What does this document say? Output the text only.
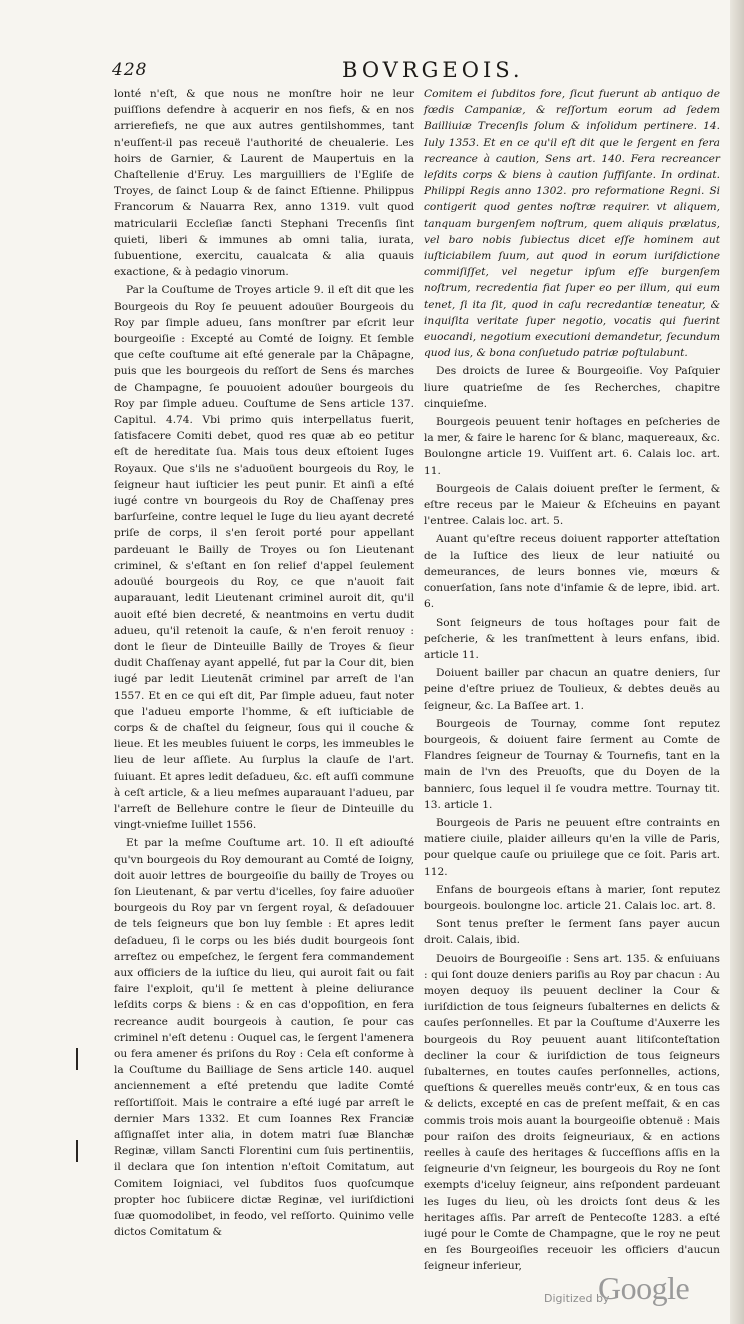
428	BOVRGEOIS.

lonté n'eſt, & que nous ne monſtre hoir ne leur puiſſions defendre à acquerir en nos fiefs, & en nos arrierefiefs, ne que aux autres gentilshommes, tant n'euſſent-il pas receuë l'authorité de cheualerie. Les hoirs de Garnier, & Laurent de Maupertuis en la Chaſtellenie d'Eruy. Les marguilliers de l'Egliſe de Troyes, de ſainct Loup & de ſainct Eſtienne. Philippus Francorum & Nauarra Rex, anno 1319. vult quod matricularii Eccleſiæ ſancti Stephani Trecenſis ſint quieti, liberi & immunes ab omni talia, iurata, ſubuentione, exercitu, caualcata & alia quauis exactione, & à pedagio vinorum.

Par la Couſtume de Troyes article 9. il eſt dit que les Bourgeois du Roy ſe peuuent adouüer Bourgeois du Roy par ſimple adueu, ſans monſtrer par eſcrit leur bourgeoiſie : Excepté au Comté de Ioigny. Et ſemble que ceſte couſtume ait eſté generale par la Chãpagne, puis que les bourgeois du reſſort de Sens és marches de Champagne, ſe pouuoient adouüer bourgeois du Roy par ſimple adueu. Couſtume de Sens article 137. Capitul. 4.74. Vbi primo quis interpellatus fuerit, ſatisfacere Comiti debet, quod res quæ ab eo petitur eſt de hereditate ſua. Mais tous deux eſtoient Iuges Royaux. Que s'ils ne s'aduoüent bourgeois du Roy, le ſeigneur haut iuſticier les peut punir. Et ainſi a eſté iugé contre vn bourgeois du Roy de Chaſſenay pres barſurſeine, contre lequel le Iuge du lieu ayant decreté priſe de corps, il s'en ſeroit porté pour appellant pardeuant le Bailly de Troyes ou ſon Lieutenant criminel, & s'eſtant en ſon relief d'appel ſeulement adouüé bourgeois du Roy, ce que n'auoit fait auparauant, ledit Lieutenant criminel auroit dit, qu'il auoit eſté bien decreté, & neantmoins en vertu dudit adueu, qu'il retenoit la cauſe, & n'en feroit renuoy : dont le ſieur de Dinteuille Bailly de Troyes & ſieur dudit Chaſſenay ayant appellé, fut par la Cour dit, bien iugé par ledit Lieutenãt criminel par arreſt de l'an 1557. Et en ce qui eſt dit, Par ſimple adueu, faut noter que l'adueu emporte l'homme, & eſt iuſticiable de corps & de chaſtel du ſeigneur, ſous qui il couche & lieue. Et les meubles ſuiuent le corps, les immeubles le lieu de leur aſſiete. Au ſurplus la clauſe de l'art. ſuiuant. Et apres ledit deſadueu, &c. eſt auſſi commune à ceſt article, & a lieu meſmes auparauant l'adueu, par l'arreſt de Bellehure contre le ſieur de Dinteuille du vingt-vnieſme Iuillet 1556.

Et par la meſme Couſtume art. 10. Il eſt adiouſté qu'vn bourgeois du Roy demourant au Comté de Ioigny, doit auoir lettres de bourgeoiſie du bailly de Troyes ou ſon Lieutenant, & par vertu d'icelles, ſoy faire aduoüer bourgeois du Roy par vn ſergent royal, & deſadouuer de tels ſeigneurs que bon luy ſemble : Et apres ledit deſadueu, ſi le corps ou les biés dudit bourgeois ſont arreſtez ou empeſchez, le ſergent fera commandement aux officiers de la iuſtice du lieu, qui auroit fait ou fait faire l'exploit, qu'il ſe mettent à pleine deliurance leſdits corps & biens : & en cas d'oppoſition, en fera recreance audit bourgeois à caution, ſe pour cas criminel n'eſt detenu : Ouquel cas, le ſergent l'amenera ou fera amener és priſons du Roy : Cela eſt conforme à la Couſtume du Bailliage de Sens article 140. auquel anciennement a eſté pretendu que ladite Comté reſſortiſſoit. Mais le contraire a eſté iugé par arreſt le dernier Mars 1332. Et cum Ioannes Rex Franciæ aſſignaſſet inter alia, in dotem matri ſuæ Blanchæ Reginæ, villam Sancti Florentini cum ſuis pertinentiis, il declara que ſon intention n'eſtoit Comitatum, aut Comitem Ioigniaci, vel ſubditos ſuos quoſcumque propter hoc ſubiicere dictæ Reginæ, vel iuriſdictioni ſuæ quomodolibet, in feodo, vel reſſorto. Quinimo velle dictos Comitatum &

Comitem ei ſubditos fore, ſicut fuerunt ab antiquo de fœdis Campaniæ, & reſſortum eorum ad ſedem Bailliuiæ Trecenſis ſolum & inſolidum pertinere. 14. Iuly 1353. Et en ce qu'il eſt dit que le ſergent en fera recreance à caution, Sens art. 140. Fera recreancer leſdits corps & biens à caution ſuffiſante. In ordinat. Philippi Regis anno 1302. pro reformatione Regni. Si contigerit quod gentes noſtræ requirer. vt aliquem, tanquam burgenſem noſtrum, quem aliquis prælatus, vel baro nobis ſubiectus dicet eſſe hominem aut iuſticiabilem ſuum, aut quod in eorum iuriſdictione commiſiſſet, vel negetur ipſum eſſe burgenſem noſtrum, recredentia fiat ſuper eo per illum, qui eum tenet, ſi ita ſit, quod in caſu recredantiæ teneatur, & inquiſita veritate ſuper negotio, vocatis qui fuerint euocandi, negotium executioni demandetur, ſecundum quod ius, & bona conſuetudo patriæ poſtulabunt.

Des droicts de Iuree & Bourgeoiſie. Voy Paſquier liure quatrieſme de ſes Recherches, chapitre cinquieſme.

Bourgeois peuuent tenir hoſtages en peſcheries de la mer, & faire le harenc ſor & blanc, maquereaux, &c. Boulongne article 19. Vuiſſent art. 6. Calais loc. art. 11.

Bourgeois de Calais doiuent preſter le ſerment, & eſtre receus par le Maieur & Eſcheuins en payant l'entree. Calais loc. art. 5.

Auant qu'eſtre receus doiuent rapporter atteſtation de la Iuſtice des lieux de leur natiuité ou demeurances, de leurs bonnes vie, mœurs & conuerſation, ſans note d'infamie & de lepre, ibid. art. 6.

Sont ſeigneurs de tous hoſtages pour fait de peſcherie, & les tranſmettent à leurs enfans, ibid. article 11.

Doiuent bailler par chacun an quatre deniers, ſur peine d'eſtre priuez de Toulieux, & debtes deuës au ſeigneur, &c. La Baſſee art. 1.

Bourgeois de Tournay, comme ſont reputez bourgeois, & doiuent faire ſerment au Comte de Flandres ſeigneur de Tournay & Tournefis, tant en la main de l'vn des Preuoſts, que du Doyen de la bannierc, ſous lequel il ſe voudra mettre. Tournay tit. 13. article 1.

Bourgeois de Paris ne peuuent eſtre contraints en matiere ciuile, plaider ailleurs qu'en la ville de Paris, pour quelque cauſe ou priuilege que ce ſoit. Paris art. 112.

Enfans de bourgeois eſtans à marier, ſont reputez bourgeois. boulongne loc. article 21. Calais loc. art. 8.

Sont tenus preſter le ſerment ſans payer aucun droit. Calais, ibid.

Deuoirs de Bourgeoiſie : Sens art. 135. & enſuiuans : qui ſont douze deniers pariſis au Roy par chacun : Au moyen dequoy ils peuuent decliner la Cour & iuriſdiction de tous ſeigneurs ſubalternes en delicts & cauſes perſonnelles. Et par la Couſtume d'Auxerre les bourgeois du Roy peuuent auant litiſconteſtation decliner la cour & iuriſdiction de tous ſeigneurs ſubalternes, en toutes cauſes perſonnelles, actions, queſtions & querelles meuës contr'eux, & en tous cas & delicts, excepté en cas de preſent meſfait, & en cas commis trois mois auant la bourgeoiſie obtenuë : Mais pour raiſon des droits ſeigneuriaux, & en actions reelles à cauſe des heritages & ſucceſſions aſſis en la ſeigneurie d'vn ſeigneur, les bourgeois du Roy ne ſont exempts d'iceluy ſeigneur, ains reſpondent pardeuant les Iuges du lieu, où les droicts ſont deus & les heritages aſſis. Par arreſt de Pentecoſte 1283. a eſté iugé pour le Comte de Champagne, que le roy ne peut en ſes Bourgeoiſies receuoir les officiers d'aucun ſeigneur inferieur,

Digitized by
Google
